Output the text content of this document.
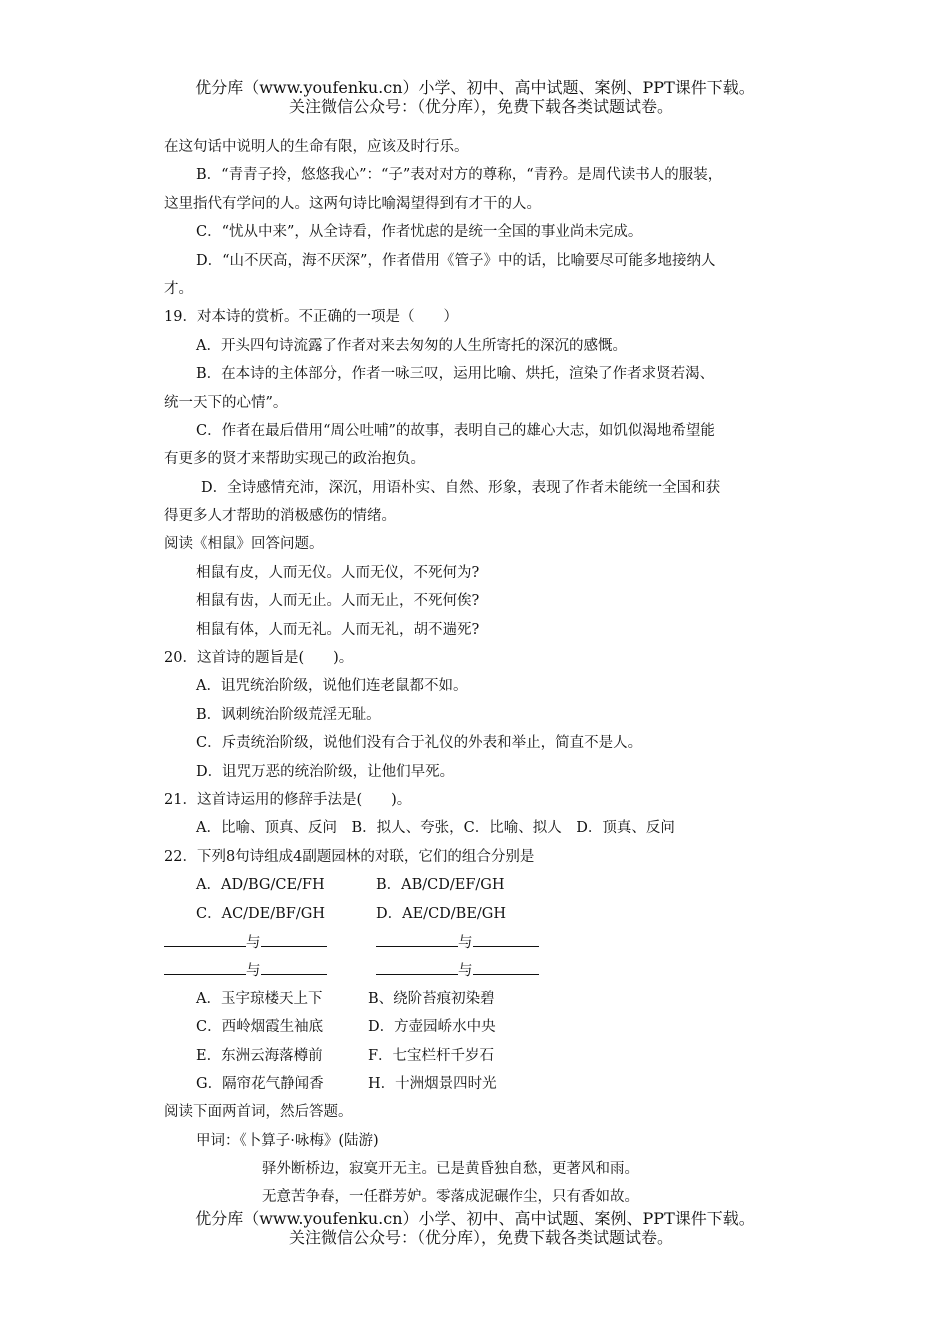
优分库（www.youfenku.cn）小学、初中、高中试题、案例、PPT课件下载。
关注微信公众号：（优分库），免费下载各类试题试卷。
在这句话中说明人的生命有限，应该及时行乐。
B．“青青子拎，悠悠我心”：“子”表对对方的尊称，“青矜。是周代读书人的服装，
这里指代有学问的人。这两句诗比喻渴望得到有才干的人。
C．“忧从中来”，从全诗看，作者忧虑的是统一全国的事业尚未完成。
D．“山不厌高，海不厌深”，作者借用《管子》中的话，比喻要尽可能多地接纳人
才。
19．对本诗的赏析。不正确的一项是（　　）
A．开头四句诗流露了作者对来去匆匆的人生所寄托的深沉的感慨。
B．在本诗的主体部分，作者一咏三叹，运用比喻、烘托，渲染了作者求贤若渴、
统一天下的心情”。
C．作者在最后借用“周公吐哺”的故事，表明自己的雄心大志，如饥似渴地希望能
有更多的贤才来帮助实现己的政治抱负。
D．全诗感情充沛，深沉，用语朴实、自然、形象，表现了作者未能统一全国和获
得更多人才帮助的消极感伤的情绪。
阅读《相鼠》回答问题。
相鼠有皮，人而无仪。人而无仪，不死何为?
相鼠有齿，人而无止。人而无止，不死何俟?
相鼠有体，人而无礼。人而无礼，胡不遄死?
20．这首诗的题旨是(　　)。
A．诅咒统治阶级，说他们连老鼠都不如。
B．讽刺统治阶级荒淫无耻。
C．斥责统治阶级，说他们没有合于礼仪的外表和举止，简直不是人。
D．诅咒万恶的统治阶级，让他们早死。
21．这首诗运用的修辞手法是(　　)。
A．比喻、顶真、反问　B．拟人、夸张，C．比喻、拟人　D．顶真、反问
22．下列8句诗组成4副题园林的对联，它们的组合分别是
A．AD/BG/CE/FH	B．AB/CD/EF/GH
C．AC/DE/BF/GH	D．AE/CD/BE/GH
与	与
与	与
A．玉宇琼楼天上下	B、绕阶苔痕初染碧
C．西岭烟霞生袖底	D．方壶园峤水中央
E．东洲云海落樽前	F．七宝栏杆千岁石
G．隔帘花气静闻香	H．十洲烟景四时光
阅读下面两首词，然后答题。
甲词：《卜算子·咏梅》(陆游)
驿外断桥边，寂寞开无主。已是黄昏独自愁，更著风和雨。
无意苦争春，一任群芳妒。零落成泥碾作尘，只有香如故。
优分库（www.youfenku.cn）小学、初中、高中试题、案例、PPT课件下载。
关注微信公众号：（优分库），免费下载各类试题试卷。
